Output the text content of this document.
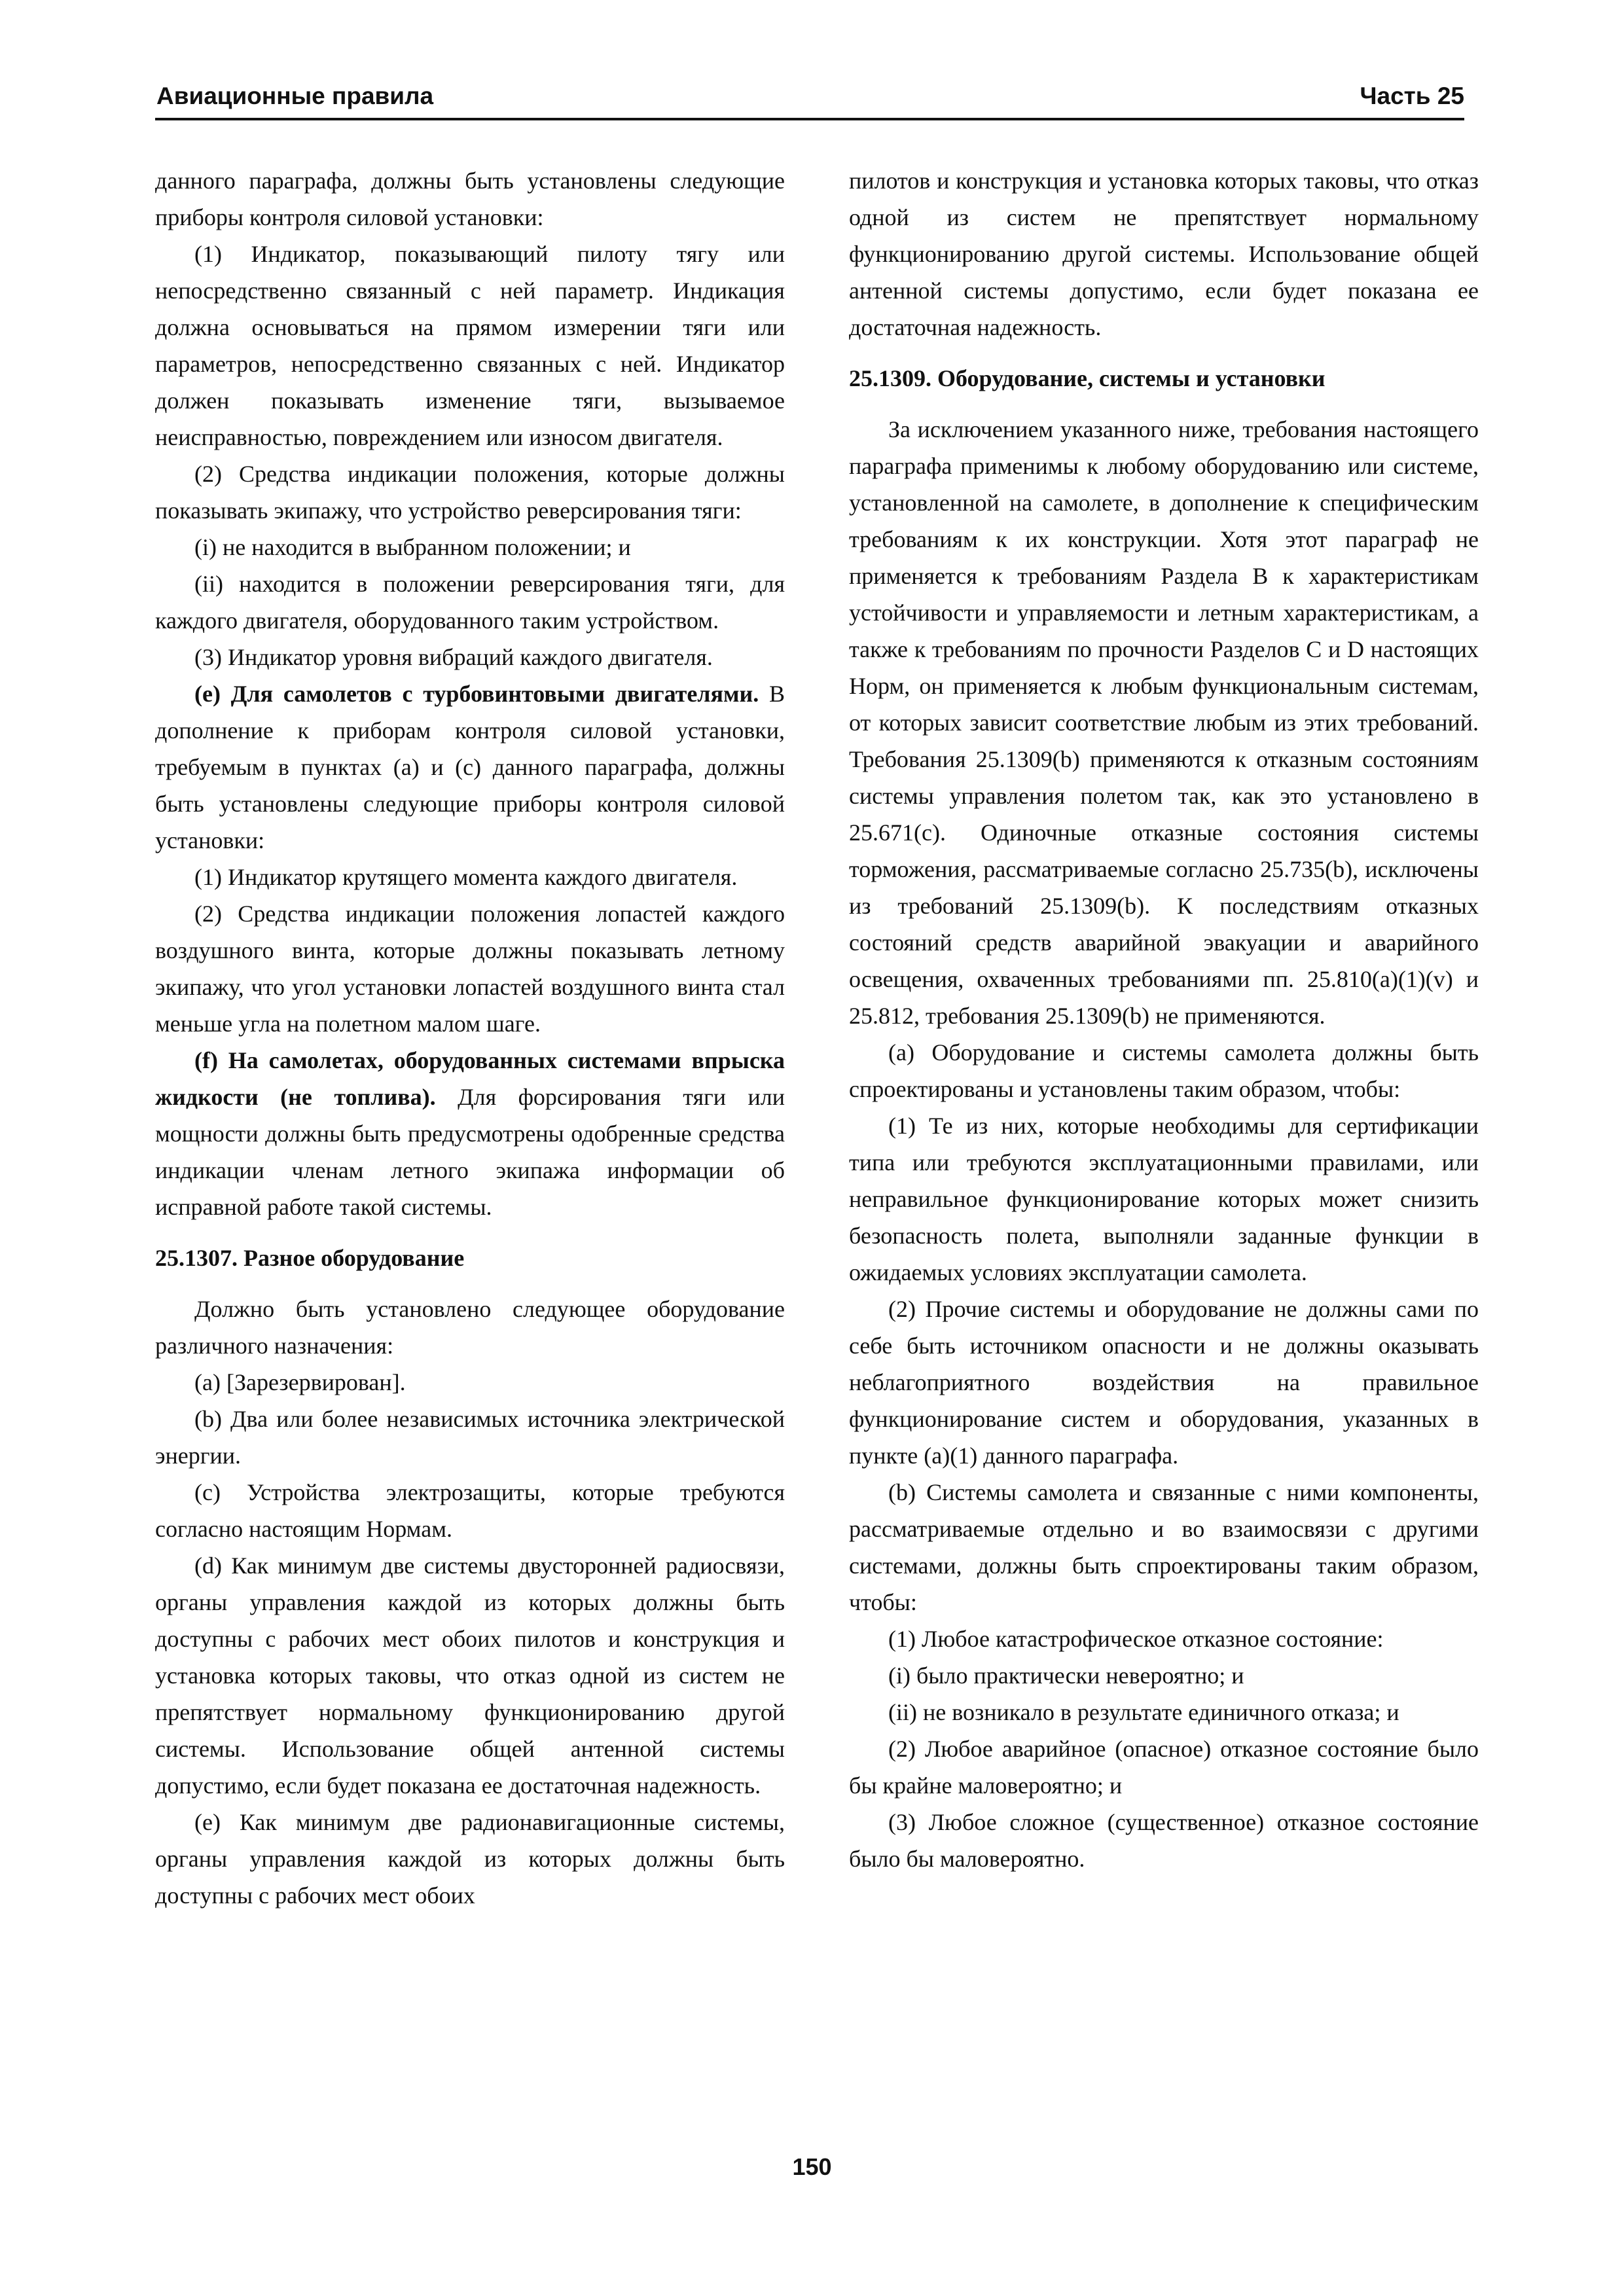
Авиационные правила	Часть 25

данного параграфа, должны быть установлены следующие приборы контроля силовой установки:

(1) Индикатор, показывающий пилоту тягу или непосредственно связанный с ней параметр. Индикация должна основываться на прямом измерении тяги или параметров, непосредственно связанных с ней. Индикатор должен показывать изменение тяги, вызываемое неисправностью, повреждением или износом двигателя.

(2) Средства индикации положения, которые должны показывать экипажу, что устройство реверсирования тяги:

(i) не находится в выбранном положении; и

(ii) находится в положении реверсирования тяги, для каждого двигателя, оборудованного таким устройством.

(3) Индикатор уровня вибраций каждого двигателя.

(e) Для самолетов с турбовинтовыми двигателями. В дополнение к приборам контроля силовой установки, требуемым в пунктах (a) и (c) данного параграфа, должны быть установлены следующие приборы контроля силовой установки:

(1) Индикатор крутящего момента каждого двигателя.

(2) Средства индикации положения лопастей каждого воздушного винта, которые должны показывать летному экипажу, что угол установки лопастей воздушного винта стал меньше угла на полетном малом шаге.

(f) На самолетах, оборудованных системами впрыска жидкости (не топлива). Для форсирования тяги или мощности должны быть предусмотрены одобренные средства индикации членам летного экипажа информации об исправной работе такой системы.

25.1307. Разное оборудование

Должно быть установлено следующее оборудование различного назначения:

(a) [Зарезервирован].

(b) Два или более независимых источника электрической энергии.

(c) Устройства электрозащиты, которые требуются согласно настоящим Нормам.

(d) Как минимум две системы двусторонней радиосвязи, органы управления каждой из которых должны быть доступны с рабочих мест обоих пилотов и конструкция и установка которых таковы, что отказ одной из систем не препятствует нормальному функционированию другой системы. Использование общей антенной системы допустимо, если будет показана ее достаточная надежность.

(e) Как минимум две радионавигационные системы, органы управления каждой из которых должны быть доступны с рабочих мест обоих

пилотов и конструкция и установка которых таковы, что отказ одной из систем не препятствует нормальному функционированию другой системы. Использование общей антенной системы допустимо, если будет показана ее достаточная надежность.

25.1309. Оборудование, системы и установки

За исключением указанного ниже, требования настоящего параграфа применимы к любому оборудованию или системе, установленной на самолете, в дополнение к специфическим требованиям к их конструкции. Хотя этот параграф не применяется к требованиям Раздела B к характеристикам устойчивости и управляемости и летным характеристикам, а также к требованиям по прочности Разделов C и D настоящих Норм, он применяется к любым функциональным системам, от которых зависит соответствие любым из этих требований. Требования 25.1309(b) применяются к отказным состояниям системы управления полетом так, как это установлено в 25.671(c). Одиночные отказные состояния системы торможения, рассматриваемые согласно 25.735(b), исключены из требований 25.1309(b). К последствиям отказных состояний средств аварийной эвакуации и аварийного освещения, охваченных требованиями пп. 25.810(a)(1)(v) и 25.812, требования 25.1309(b) не применяются.

(a) Оборудование и системы самолета должны быть спроектированы и установлены таким образом, чтобы:

(1) Те из них, которые необходимы для сертификации типа или требуются эксплуатационными правилами, или неправильное функционирование которых может снизить безопасность полета, выполняли заданные функции в ожидаемых условиях эксплуатации самолета.

(2) Прочие системы и оборудование не должны сами по себе быть источником опасности и не должны оказывать неблагоприятного воздействия на правильное функционирование систем и оборудования, указанных в пункте (a)(1) данного параграфа.

(b) Системы самолета и связанные с ними компоненты, рассматриваемые отдельно и во взаимосвязи с другими системами, должны быть спроектированы таким образом, чтобы:

(1) Любое катастрофическое отказное состояние:

(i) было практически невероятно; и

(ii) не возникало в результате единичного отказа; и

(2) Любое аварийное (опасное) отказное состояние было бы крайне маловероятно; и

(3) Любое сложное (существенное) отказное состояние было бы маловероятно.

150
